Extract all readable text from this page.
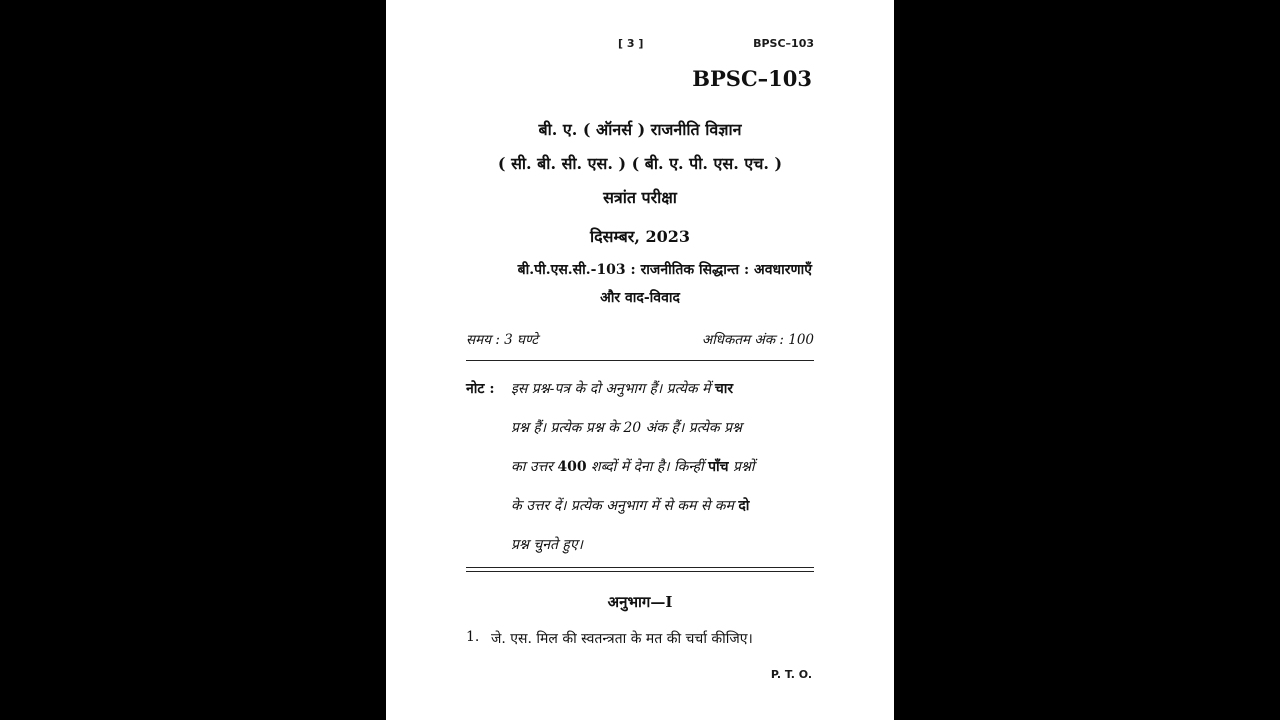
[ 3 ]	BPSC–103
BPSC–103
बी. ए. ( ऑनर्स ) राजनीति विज्ञान
( सी. बी. सी. एस. ) ( बी. ए. पी. एस. एच. )
सत्रांत परीक्षा
दिसम्बर, 2023
बी.पी.एस.सी.-103 : राजनीतिक सिद्धान्त : अवधारणाएँ
और वाद-विवाद
समय : 3 घण्टे	अधिकतम अंक : 100
नोट : इस प्रश्न-पत्र के दो अनुभाग हैं। प्रत्येक में चार
प्रश्न हैं। प्रत्येक प्रश्न के 20 अंक हैं। प्रत्येक प्रश्न
का उत्तर 400 शब्दों में देना है। किन्हीं पाँच प्रश्नों
के उत्तर दें। प्रत्येक अनुभाग में से कम से कम दो
प्रश्न चुनते हुए।
अनुभाग—I
1. जे. एस. मिल की स्वतन्त्रता के मत की चर्चा कीजिए।
P. T. O.
